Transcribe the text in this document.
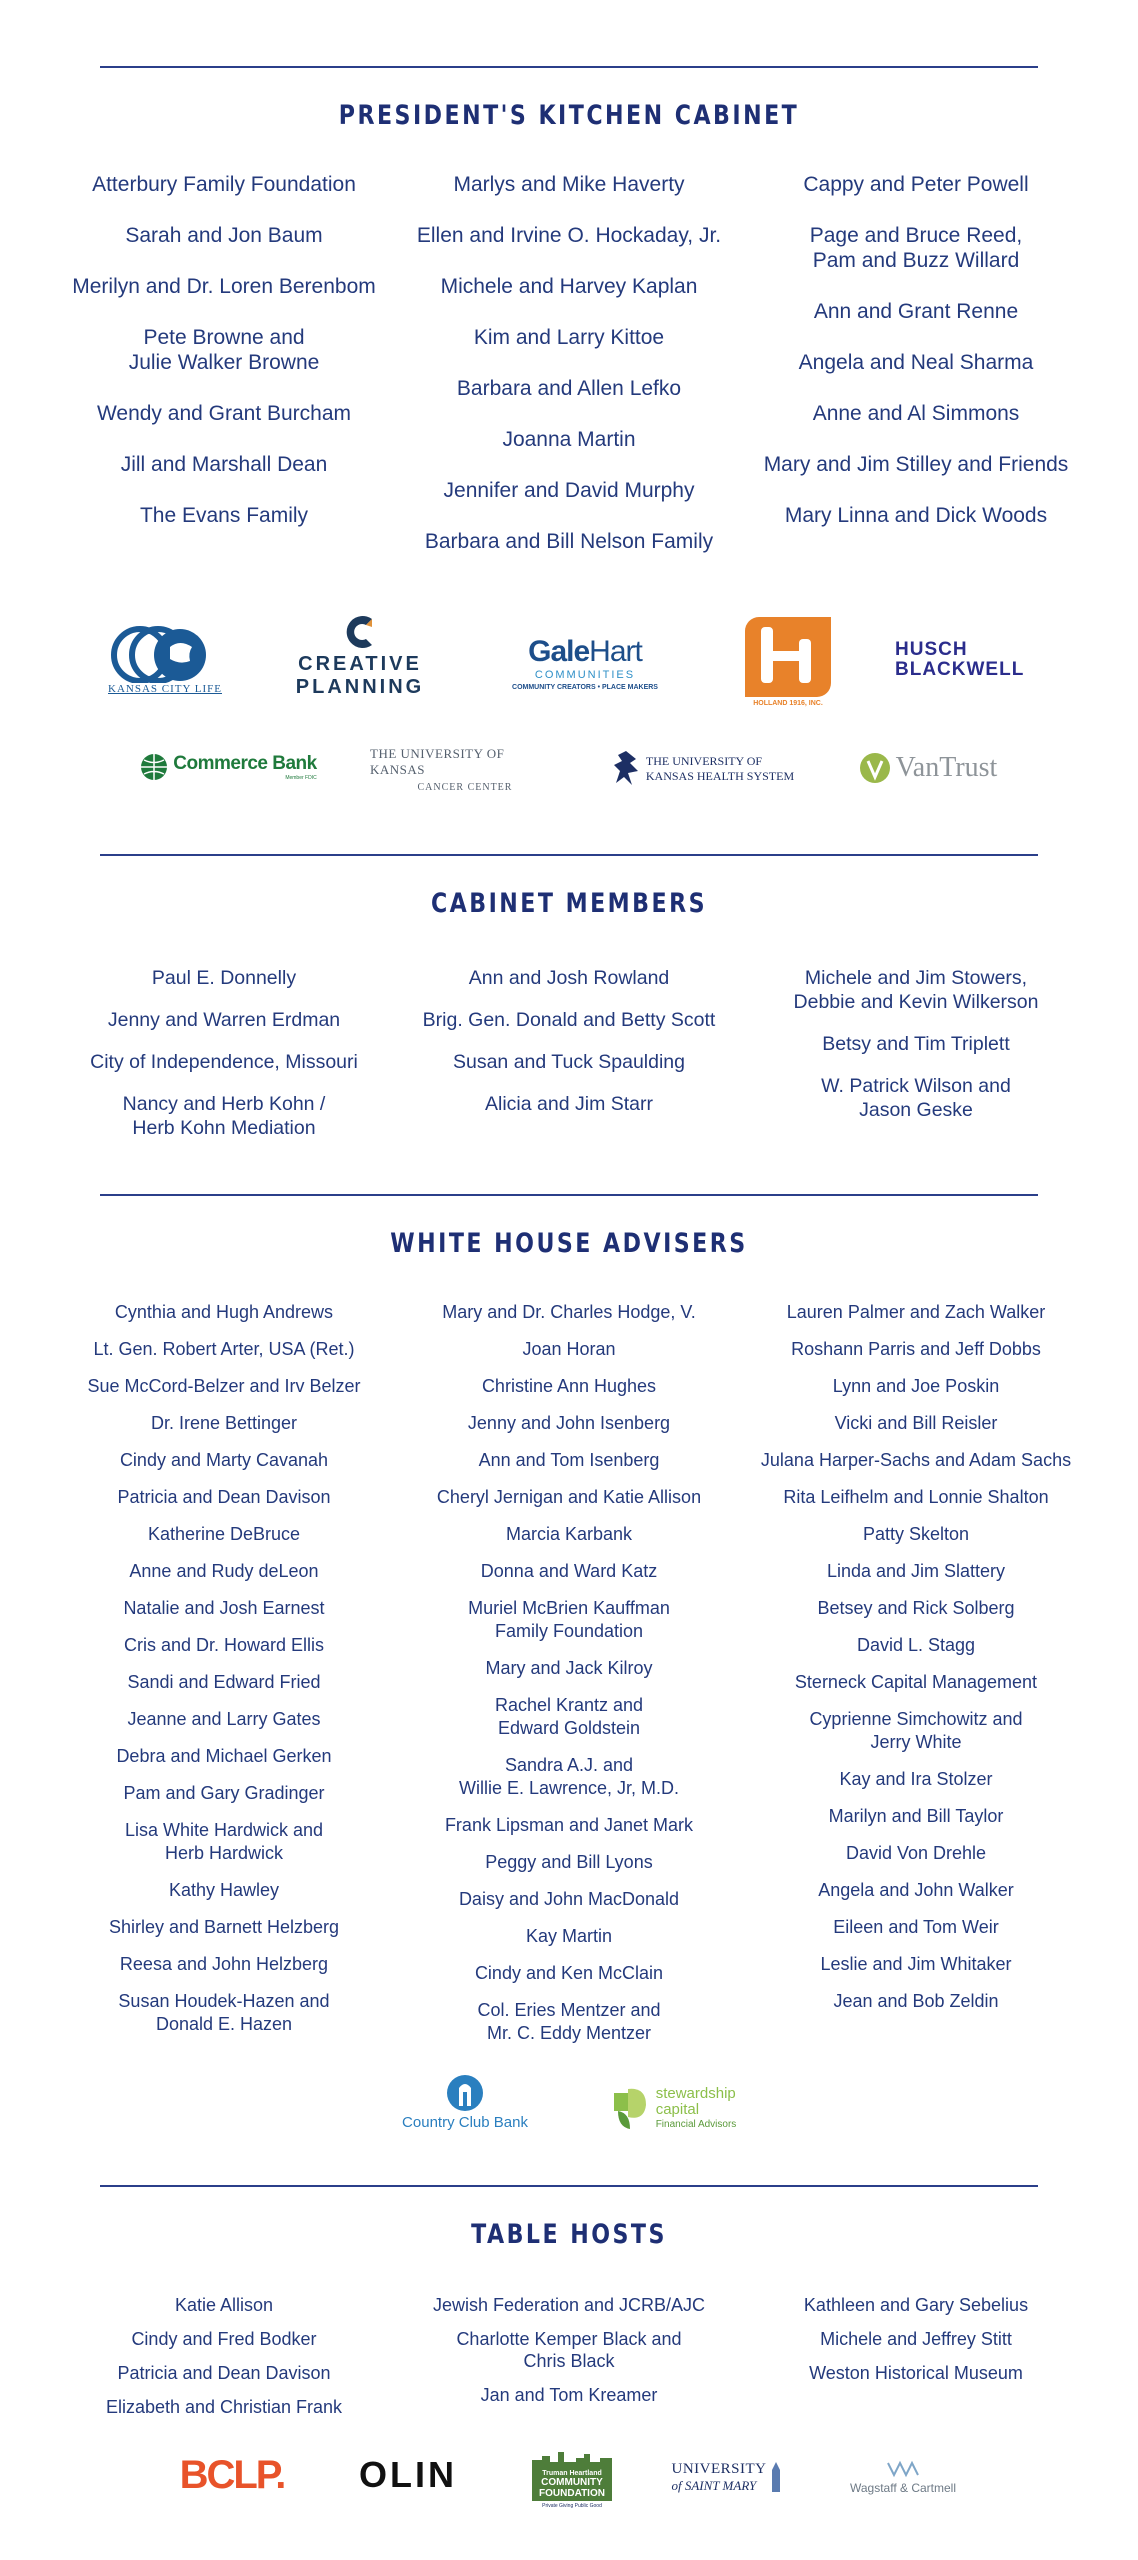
PRESIDENT'S KITCHEN CABINET
Atterbury Family Foundation
Sarah and Jon Baum
Merilyn and Dr. Loren Berenbom
Pete Browne and
Julie Walker Browne
Wendy and Grant Burcham
Jill and Marshall Dean
The Evans Family
Marlys and Mike Haverty
Ellen and Irvine O. Hockaday, Jr.
Michele and Harvey Kaplan
Kim and Larry Kittoe
Barbara and Allen Lefko
Joanna Martin
Jennifer and David Murphy
Barbara and Bill Nelson Family
Cappy and Peter Powell
Page and Bruce Reed,
Pam and Buzz Willard
Ann and Grant Renne
Angela and Neal Sharma
Anne and Al Simmons
Mary and Jim Stilley and Friends
Mary Linna and Dick Woods
KANSAS CITY LIFE
CREATIVE
PLANNING
GaleHart
COMMUNITIES
COMMUNITY CREATORS • PLACE MAKERS
HOLLAND 1916, INC.
HUSCH
BLACKWELL
Commerce Bank
Member FDIC
THE UNIVERSITY OF KANSAS
CANCER CENTER
THE UNIVERSITY OF
KANSAS HEALTH SYSTEM	VanTrust
CABINET MEMBERS
Paul E. Donnelly
Jenny and Warren Erdman
City of Independence, Missouri
Nancy and Herb Kohn /
Herb Kohn Mediation
Ann and Josh Rowland
Brig. Gen. Donald and Betty Scott
Susan and Tuck Spaulding
Alicia and Jim Starr
Michele and Jim Stowers,
Debbie and Kevin Wilkerson
Betsy and Tim Triplett
W. Patrick Wilson and
Jason Geske
WHITE HOUSE ADVISERS
Cynthia and Hugh Andrews
Lt. Gen. Robert Arter, USA (Ret.)
Sue McCord-Belzer and Irv Belzer
Dr. Irene Bettinger
Cindy and Marty Cavanah
Patricia and Dean Davison
Katherine DeBruce
Anne and Rudy deLeon
Natalie and Josh Earnest
Cris and Dr. Howard Ellis
Sandi and Edward Fried
Jeanne and Larry Gates
Debra and Michael Gerken
Pam and Gary Gradinger
Lisa White Hardwick and
Herb Hardwick
Kathy Hawley
Shirley and Barnett Helzberg
Reesa and John Helzberg
Susan Houdek-Hazen and
Donald E. Hazen
Mary and Dr. Charles Hodge, V.
Joan Horan
Christine Ann Hughes
Jenny and John Isenberg
Ann and Tom Isenberg
Cheryl Jernigan and Katie Allison
Marcia Karbank
Donna and Ward Katz
Muriel McBrien Kauffman
Family Foundation
Mary and Jack Kilroy
Rachel Krantz and
Edward Goldstein
Sandra A.J. and
Willie E. Lawrence, Jr, M.D.
Frank Lipsman and Janet Mark
Peggy and Bill Lyons
Daisy and John MacDonald
Kay Martin
Cindy and Ken McClain
Col. Eries Mentzer and
Mr. C. Eddy Mentzer
Lauren Palmer and Zach Walker
Roshann Parris and Jeff Dobbs
Lynn and Joe Poskin
Vicki and Bill Reisler
Julana Harper-Sachs and Adam Sachs
Rita Leifhelm and Lonnie Shalton
Patty Skelton
Linda and Jim Slattery
Betsey and Rick Solberg
David L. Stagg
Sterneck Capital Management
Cyprienne Simchowitz and
Jerry White
Kay and Ira Stolzer
Marilyn and Bill Taylor
David Von Drehle
Angela and John Walker
Eileen and Tom Weir
Leslie and Jim Whitaker
Jean and Bob Zeldin
Country Club Bank
stewardship
capital
Financial Advisors
TABLE HOSTS
Katie Allison
Cindy and Fred Bodker
Patricia and Dean Davison
Elizabeth and Christian Frank
Jewish Federation and JCRB/AJC
Charlotte Kemper Black and
Chris Black
Jan and Tom Kreamer
Kathleen and Gary Sebelius
Michele and Jeffrey Stitt
Weston Historical Museum
BCLP. OLIN	Truman Heartland
COMMUNITY
FOUNDATION
Private Giving Public Good
UNIVERSITY
of SAINT MARY	Wagstaff & Cartmell
